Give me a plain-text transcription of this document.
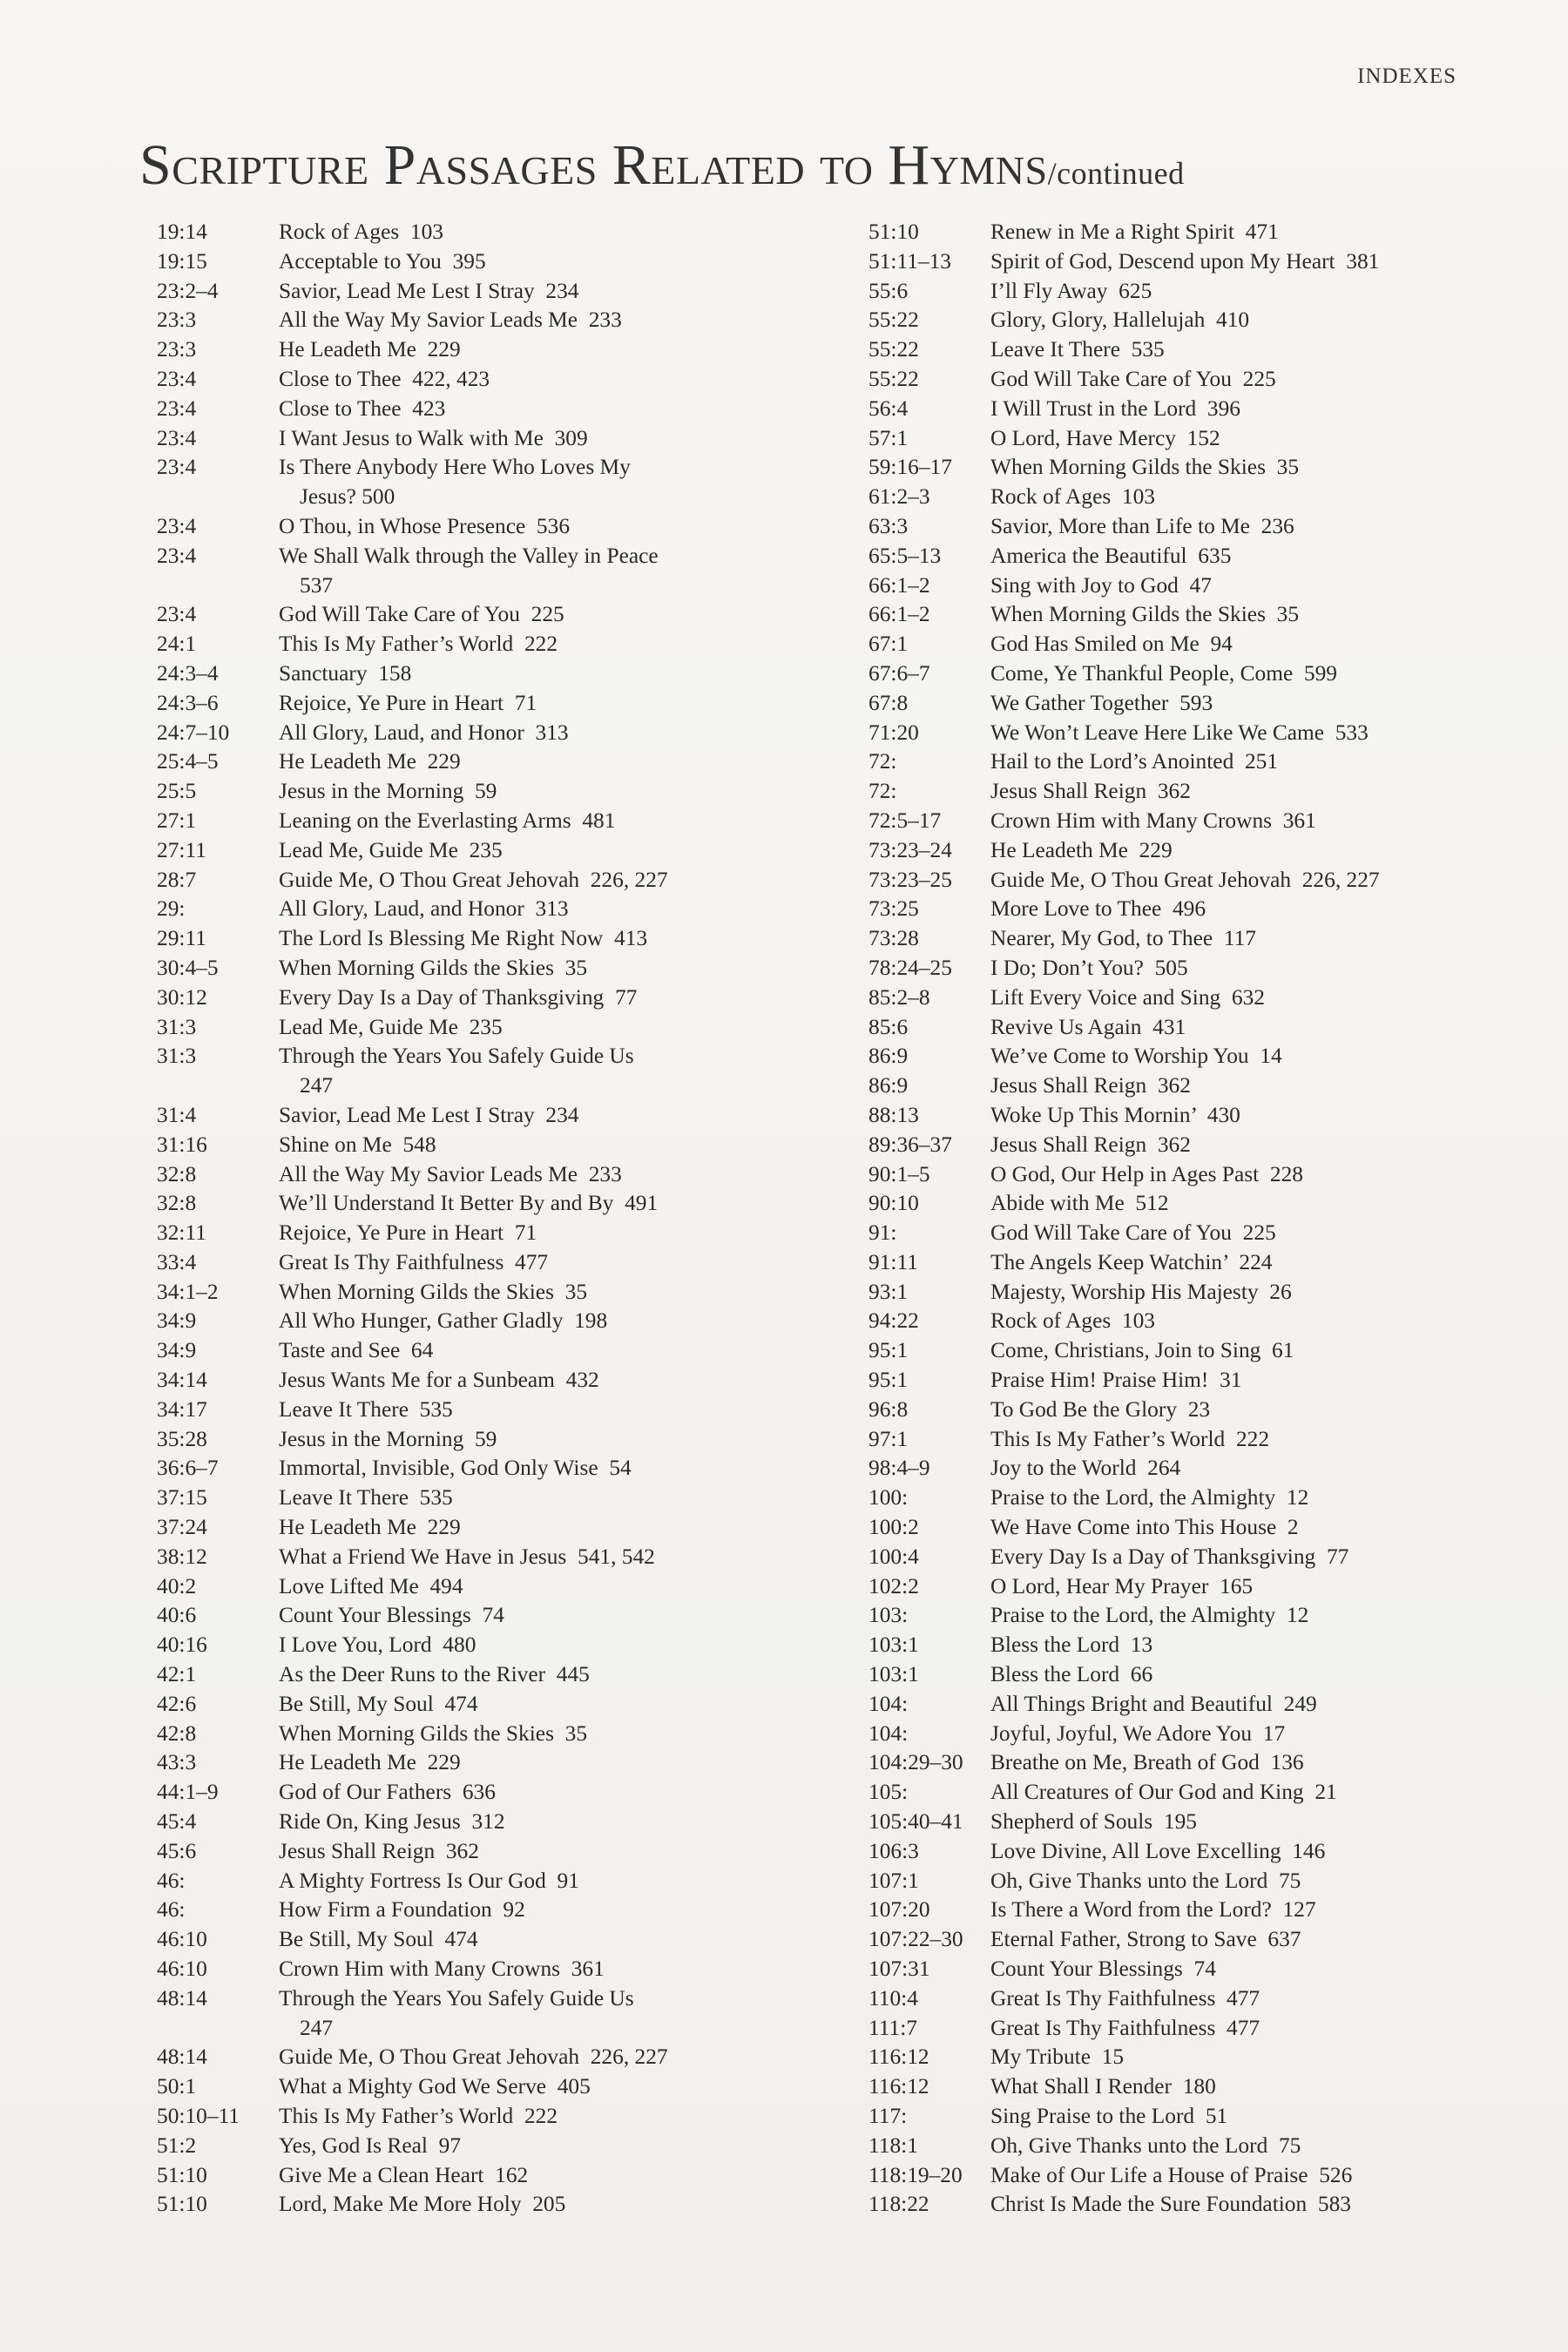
INDEXES
Scripture Passages Related to Hymns/continued
19:14	Rock of Ages  103
19:15	Acceptable to You  395
23:2–4	Savior, Lead Me Lest I Stray  234
23:3	All the Way My Savior Leads Me  233
23:3	He Leadeth Me  229
23:4	Close to Thee  422, 423
23:4	Close to Thee  423
23:4	I Want Jesus to Walk with Me  309
23:4	Is There Anybody Here Who Loves My
Jesus? 500
23:4	O Thou, in Whose Presence  536
23:4	We Shall Walk through the Valley in Peace
537
23:4	God Will Take Care of You  225
24:1	This Is My Father’s World  222
24:3–4	Sanctuary  158
24:3–6	Rejoice, Ye Pure in Heart  71
24:7–10	All Glory, Laud, and Honor  313
25:4–5	He Leadeth Me  229
25:5	Jesus in the Morning  59
27:1	Leaning on the Everlasting Arms  481
27:11	Lead Me, Guide Me  235
28:7	Guide Me, O Thou Great Jehovah  226, 227
29:	All Glory, Laud, and Honor  313
29:11	The Lord Is Blessing Me Right Now  413
30:4–5	When Morning Gilds the Skies  35
30:12	Every Day Is a Day of Thanksgiving  77
31:3	Lead Me, Guide Me  235
31:3	Through the Years You Safely Guide Us
247
31:4	Savior, Lead Me Lest I Stray  234
31:16	Shine on Me  548
32:8	All the Way My Savior Leads Me  233
32:8	We’ll Understand It Better By and By  491
32:11	Rejoice, Ye Pure in Heart  71
33:4	Great Is Thy Faithfulness  477
34:1–2	When Morning Gilds the Skies  35
34:9	All Who Hunger, Gather Gladly  198
34:9	Taste and See  64
34:14	Jesus Wants Me for a Sunbeam  432
34:17	Leave It There  535
35:28	Jesus in the Morning  59
36:6–7	Immortal, Invisible, God Only Wise  54
37:15	Leave It There  535
37:24	He Leadeth Me  229
38:12	What a Friend We Have in Jesus  541, 542
40:2	Love Lifted Me  494
40:6	Count Your Blessings  74
40:16	I Love You, Lord  480
42:1	As the Deer Runs to the River  445
42:6	Be Still, My Soul  474
42:8	When Morning Gilds the Skies  35
43:3	He Leadeth Me  229
44:1–9	God of Our Fathers  636
45:4	Ride On, King Jesus  312
45:6	Jesus Shall Reign  362
46:	A Mighty Fortress Is Our God  91
46:	How Firm a Foundation  92
46:10	Be Still, My Soul  474
46:10	Crown Him with Many Crowns  361
48:14	Through the Years You Safely Guide Us
247
48:14	Guide Me, O Thou Great Jehovah  226, 227
50:1	What a Mighty God We Serve  405
50:10–11	This Is My Father’s World  222
51:2	Yes, God Is Real  97
51:10	Give Me a Clean Heart  162
51:10	Lord, Make Me More Holy  205
51:10	Renew in Me a Right Spirit  471
51:11–13	Spirit of God, Descend upon My Heart  381
55:6	I’ll Fly Away  625
55:22	Glory, Glory, Hallelujah  410
55:22	Leave It There  535
55:22	God Will Take Care of You  225
56:4	I Will Trust in the Lord  396
57:1	O Lord, Have Mercy  152
59:16–17	When Morning Gilds the Skies  35
61:2–3	Rock of Ages  103
63:3	Savior, More than Life to Me  236
65:5–13	America the Beautiful  635
66:1–2	Sing with Joy to God  47
66:1–2	When Morning Gilds the Skies  35
67:1	God Has Smiled on Me  94
67:6–7	Come, Ye Thankful People, Come  599
67:8	We Gather Together  593
71:20	We Won’t Leave Here Like We Came  533
72:	Hail to the Lord’s Anointed  251
72:	Jesus Shall Reign  362
72:5–17	Crown Him with Many Crowns  361
73:23–24	He Leadeth Me  229
73:23–25	Guide Me, O Thou Great Jehovah  226, 227
73:25	More Love to Thee  496
73:28	Nearer, My God, to Thee  117
78:24–25	I Do; Don’t You?  505
85:2–8	Lift Every Voice and Sing  632
85:6	Revive Us Again  431
86:9	We’ve Come to Worship You  14
86:9	Jesus Shall Reign  362
88:13	Woke Up This Mornin’  430
89:36–37	Jesus Shall Reign  362
90:1–5	O God, Our Help in Ages Past  228
90:10	Abide with Me  512
91:	God Will Take Care of You  225
91:11	The Angels Keep Watchin’  224
93:1	Majesty, Worship His Majesty  26
94:22	Rock of Ages  103
95:1	Come, Christians, Join to Sing  61
95:1	Praise Him! Praise Him!  31
96:8	To God Be the Glory  23
97:1	This Is My Father’s World  222
98:4–9	Joy to the World  264
100:	Praise to the Lord, the Almighty  12
100:2	We Have Come into This House  2
100:4	Every Day Is a Day of Thanksgiving  77
102:2	O Lord, Hear My Prayer  165
103:	Praise to the Lord, the Almighty  12
103:1	Bless the Lord  13
103:1	Bless the Lord  66
104:	All Things Bright and Beautiful  249
104:	Joyful, Joyful, We Adore You  17
104:29–30	Breathe on Me, Breath of God  136
105:	All Creatures of Our God and King  21
105:40–41	Shepherd of Souls  195
106:3	Love Divine, All Love Excelling  146
107:1	Oh, Give Thanks unto the Lord  75
107:20	Is There a Word from the Lord?  127
107:22–30	Eternal Father, Strong to Save  637
107:31	Count Your Blessings  74
110:4	Great Is Thy Faithfulness  477
111:7	Great Is Thy Faithfulness  477
116:12	My Tribute  15
116:12	What Shall I Render  180
117:	Sing Praise to the Lord  51
118:1	Oh, Give Thanks unto the Lord  75
118:19–20	Make of Our Life a House of Praise  526
118:22	Christ Is Made the Sure Foundation  583
